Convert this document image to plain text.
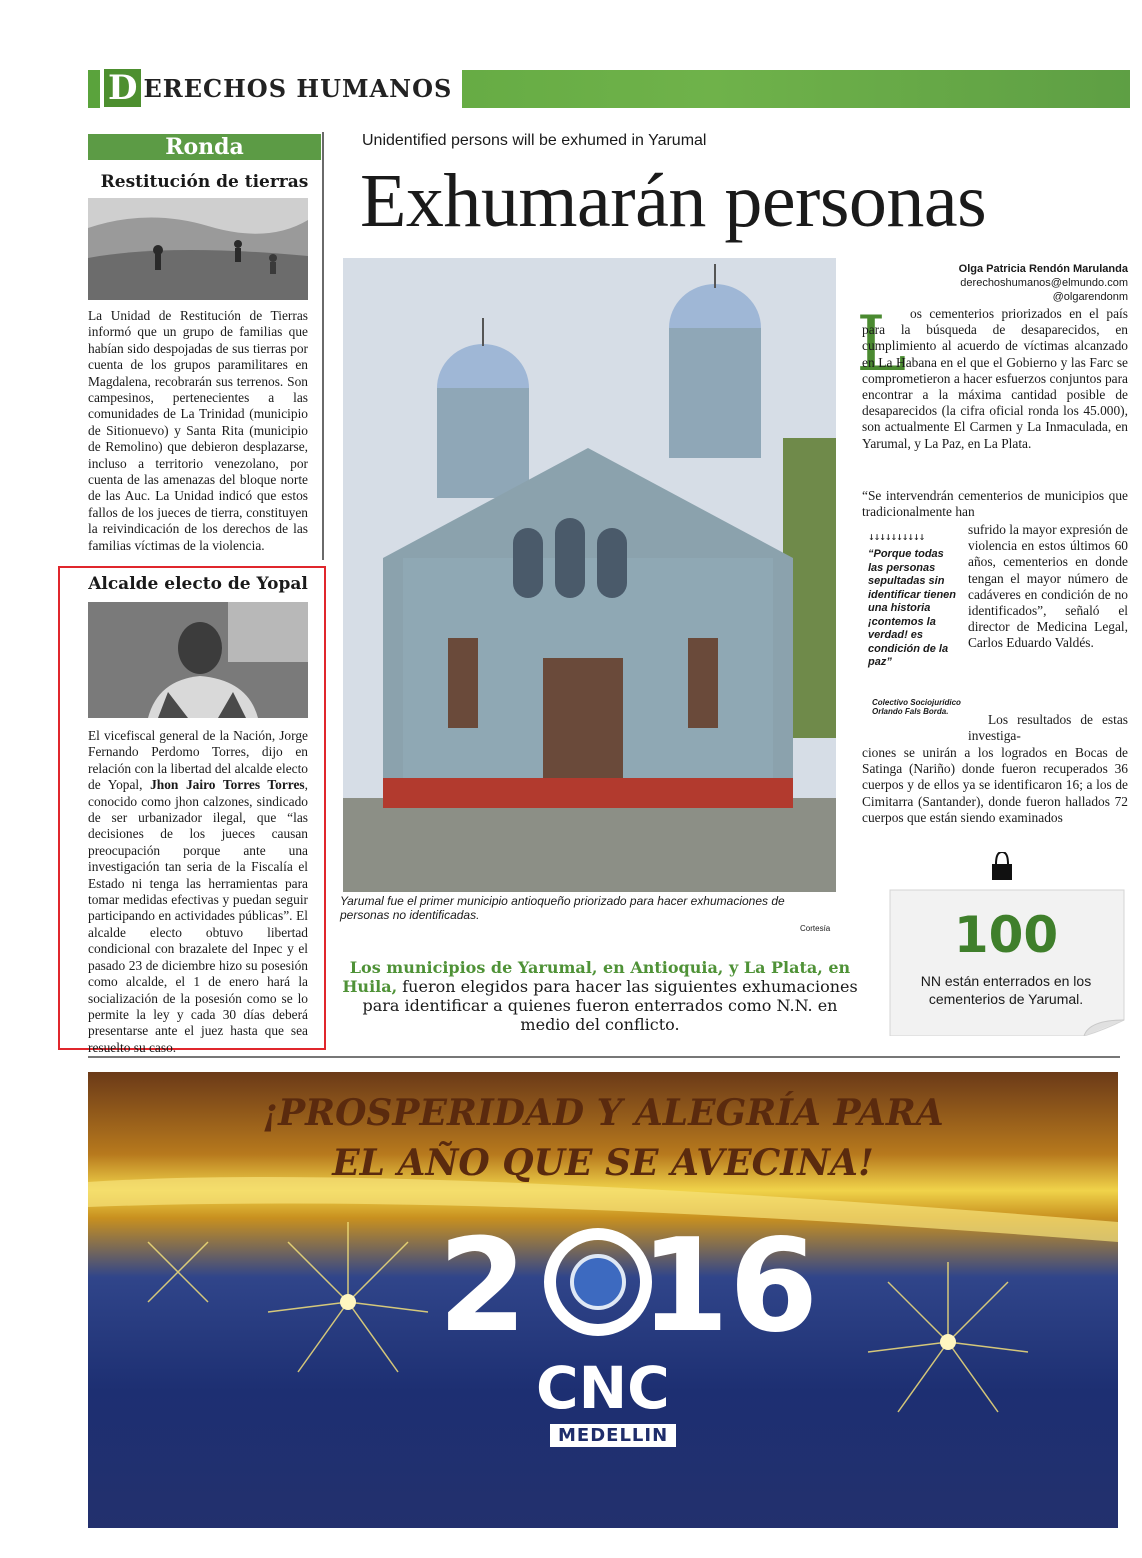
D ERECHOS HUMANOS
Ronda
Restitución de tierras
La Unidad de Restitución de Tierras informó que un grupo de familias que habían sido despojadas de sus tierras por cuenta de los grupos paramilitares en Magdalena, recobrarán sus terrenos. Son campesinos, pertenecientes a las comunidades de La Trinidad (municipio de Sitionuevo) y Santa Rita (municipio de Remolino) que debieron desplazarse, incluso a territorio venezolano, por cuenta de las amenazas del bloque norte de las Auc. La Unidad indicó que estos fallos de los jueces de tierra, constituyen la reivindicación de los derechos de las familias víctimas de la violencia.
Alcalde electo de Yopal
El vicefiscal general de la Nación, Jorge Fernando Perdomo Torres, dijo en relación con la libertad del alcalde electo de Yopal, Jhon Jairo Torres Torres, conocido como jhon calzones, sindicado de ser urbanizador ilegal, que “las decisiones de los jueces causan preocupación porque ante una investigación tan seria de la Fiscalía el Estado ni tenga las herramientas para tomar medidas efectivas y puedan seguir participando en actividades públicas”. El alcalde electo obtuvo libertad condicional con brazalete del Inpec y el pasado 23 de diciembre hizo su posesión como alcalde, el 1 de enero hará la socialización de la posesión como se lo permite la ley y cada 30 días deberá presentarse ante el juez hasta que sea resuelto su caso.
Unidentified persons will be exhumed in Yarumal
Exhumarán personas
Yarumal fue el primer municipio antioqueño priorizado para hacer exhumaciones de personas no identificadas.
Cortesía
Olga Patricia Rendón Marulanda
derechoshumanos@elmundo.com
@olgarendonm
L os cementerios priorizados en el país para la búsqueda de desaparecidos, en cumplimiento al acuerdo de víctimas alcanzado en La Habana en el que el Gobierno y las Farc se comprometieron a hacer esfuerzos conjuntos para encontrar a la máxima cantidad posible de desaparecidos (la cifra oficial ronda los 45.000), son actualmente El Carmen y La Inmaculada, en Yarumal, y La Paz, en La Plata.
“Se intervendrán cementerios de municipios que tradicionalmente han
↓↓↓↓↓↓↓↓↓↓
“Porque todas las personas sepultadas sin identificar tienen una historia ¡contemos la verdad! es condición de la paz”
Colectivo Sociojurídico Orlando Fals Borda.
sufrido la mayor expresión de violencia en estos últimos 60 años, cementerios en donde tengan el mayor número de cadáveres en condición de no identificados”, señaló el director de Medicina Legal, Carlos Eduardo Valdés.
Los resultados de estas investiga-
ciones se unirán a los logrados en Bocas de Satinga (Nariño) donde fueron recuperados 36 cuerpos y de ellos ya se identificaron 16; a los de Cimitarra (Santander), donde fueron hallados 72 cuerpos que están siendo examinados
100
NN están enterrados en los cementerios de Yarumal.
Los municipios de Yarumal, en Antioquia, y La Plata, en Huila, fueron elegidos para hacer las siguientes exhumaciones para identificar a quienes fueron enterrados como N.N. en medio del conflicto.
¡PROSPERIDAD Y ALEGRÍA PARA
EL AÑO QUE SE AVECINA!
2 16
CNC
MEDELLIN
